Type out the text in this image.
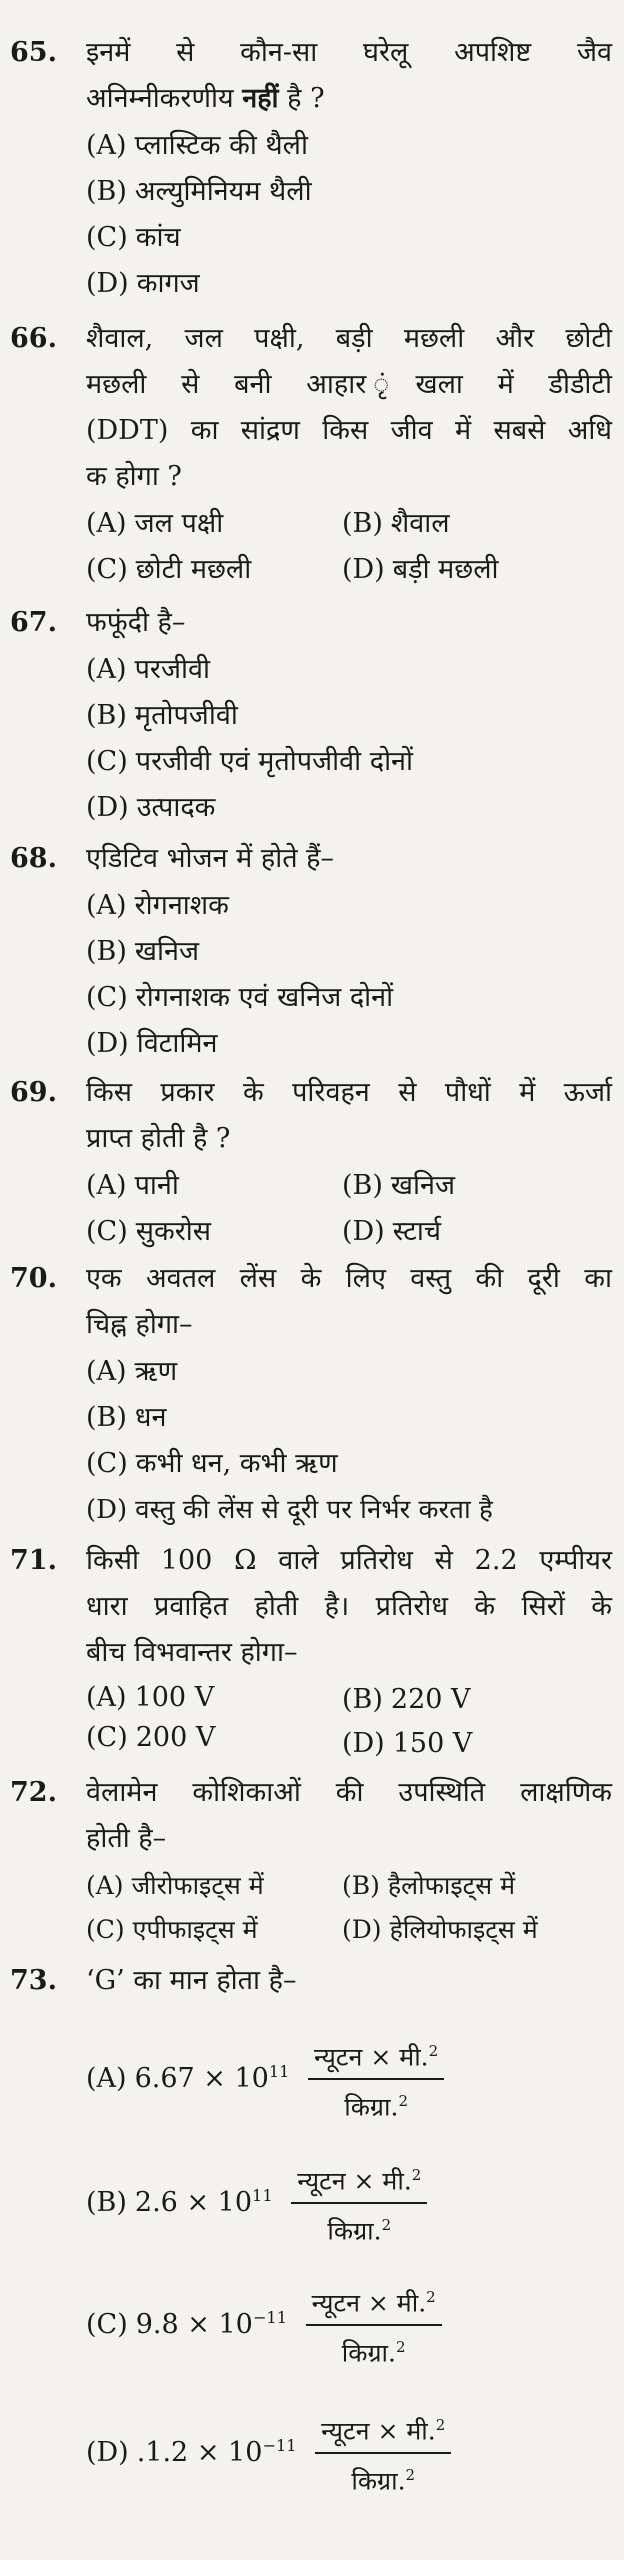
65. इनमें से कौन-सा घरेलू अपशिष्ट जैव
अनिम्नीकरणीय नहीं है ?
(A) प्लास्टिक की थैली
(B) अल्युमिनियम थैली
(C) कांच
(D) कागज
66. शैवाल, जल पक्षी, बड़ी मछली और छोटी
मछली से बनी आहार ृंखला में डीडीटी
(DDT) का सांद्रण किस जीव में सबसे अधि
क होगा ?
(A) जल पक्षी	(B) शैवाल
(C) छोटी मछली	(D) बड़ी मछली
67. फफूंदी है–
(A) परजीवी
(B) मृतोपजीवी
(C) परजीवी एवं मृतोपजीवी दोनों
(D) उत्पादक
68. एडिटिव भोजन में होते हैं–
(A) रोगनाशक
(B) खनिज
(C) रोगनाशक एवं खनिज दोनों
(D) विटामिन
69. किस प्रकार के परिवहन से पौधों में ऊर्जा
प्राप्त होती है ?
(A) पानी	(B) खनिज
(C) सुकरोस	(D) स्टार्च
70. एक अवतल लेंस के लिए वस्तु की दूरी का
चिह्न होगा–
(A) ऋण
(B) धन
(C) कभी धन, कभी ऋण
(D) वस्तु की लेंस से दूरी पर निर्भर करता है
71. किसी 100 Ω वाले प्रतिरोध से 2.2 एम्पीयर
धारा प्रवाहित होती है। प्रतिरोध के सिरों के
बीच विभवान्तर होगा–
(A) 100 V	(B) 220 V
(C) 200 V	(D) 150 V
72. वेलामेन कोशिकाओं की उपस्थिति लाक्षणिक
होती है–
(A) जीरोफाइट्स में	(B) हैलोफाइट्स में
(C) एपीफाइट्स में	(D) हेलियोफाइट्स में
73. ‘G’ का मान होता है–
(A) $6.67 \times 10^{11} \frac{न्यूटन \times मी.^2}{किग्रा.^2}$
(B) $2.6 \times 10^{11} \frac{न्यूटन \times मी.^2}{किग्रा.^2}$
(C) $9.8 \times 10^{-11} \frac{न्यूटन \times मी.^2}{किग्रा.^2}$
(D) $.1.2 \times 10^{-11} \frac{न्यूटन \times मी.^2}{किग्रा.^2}$
